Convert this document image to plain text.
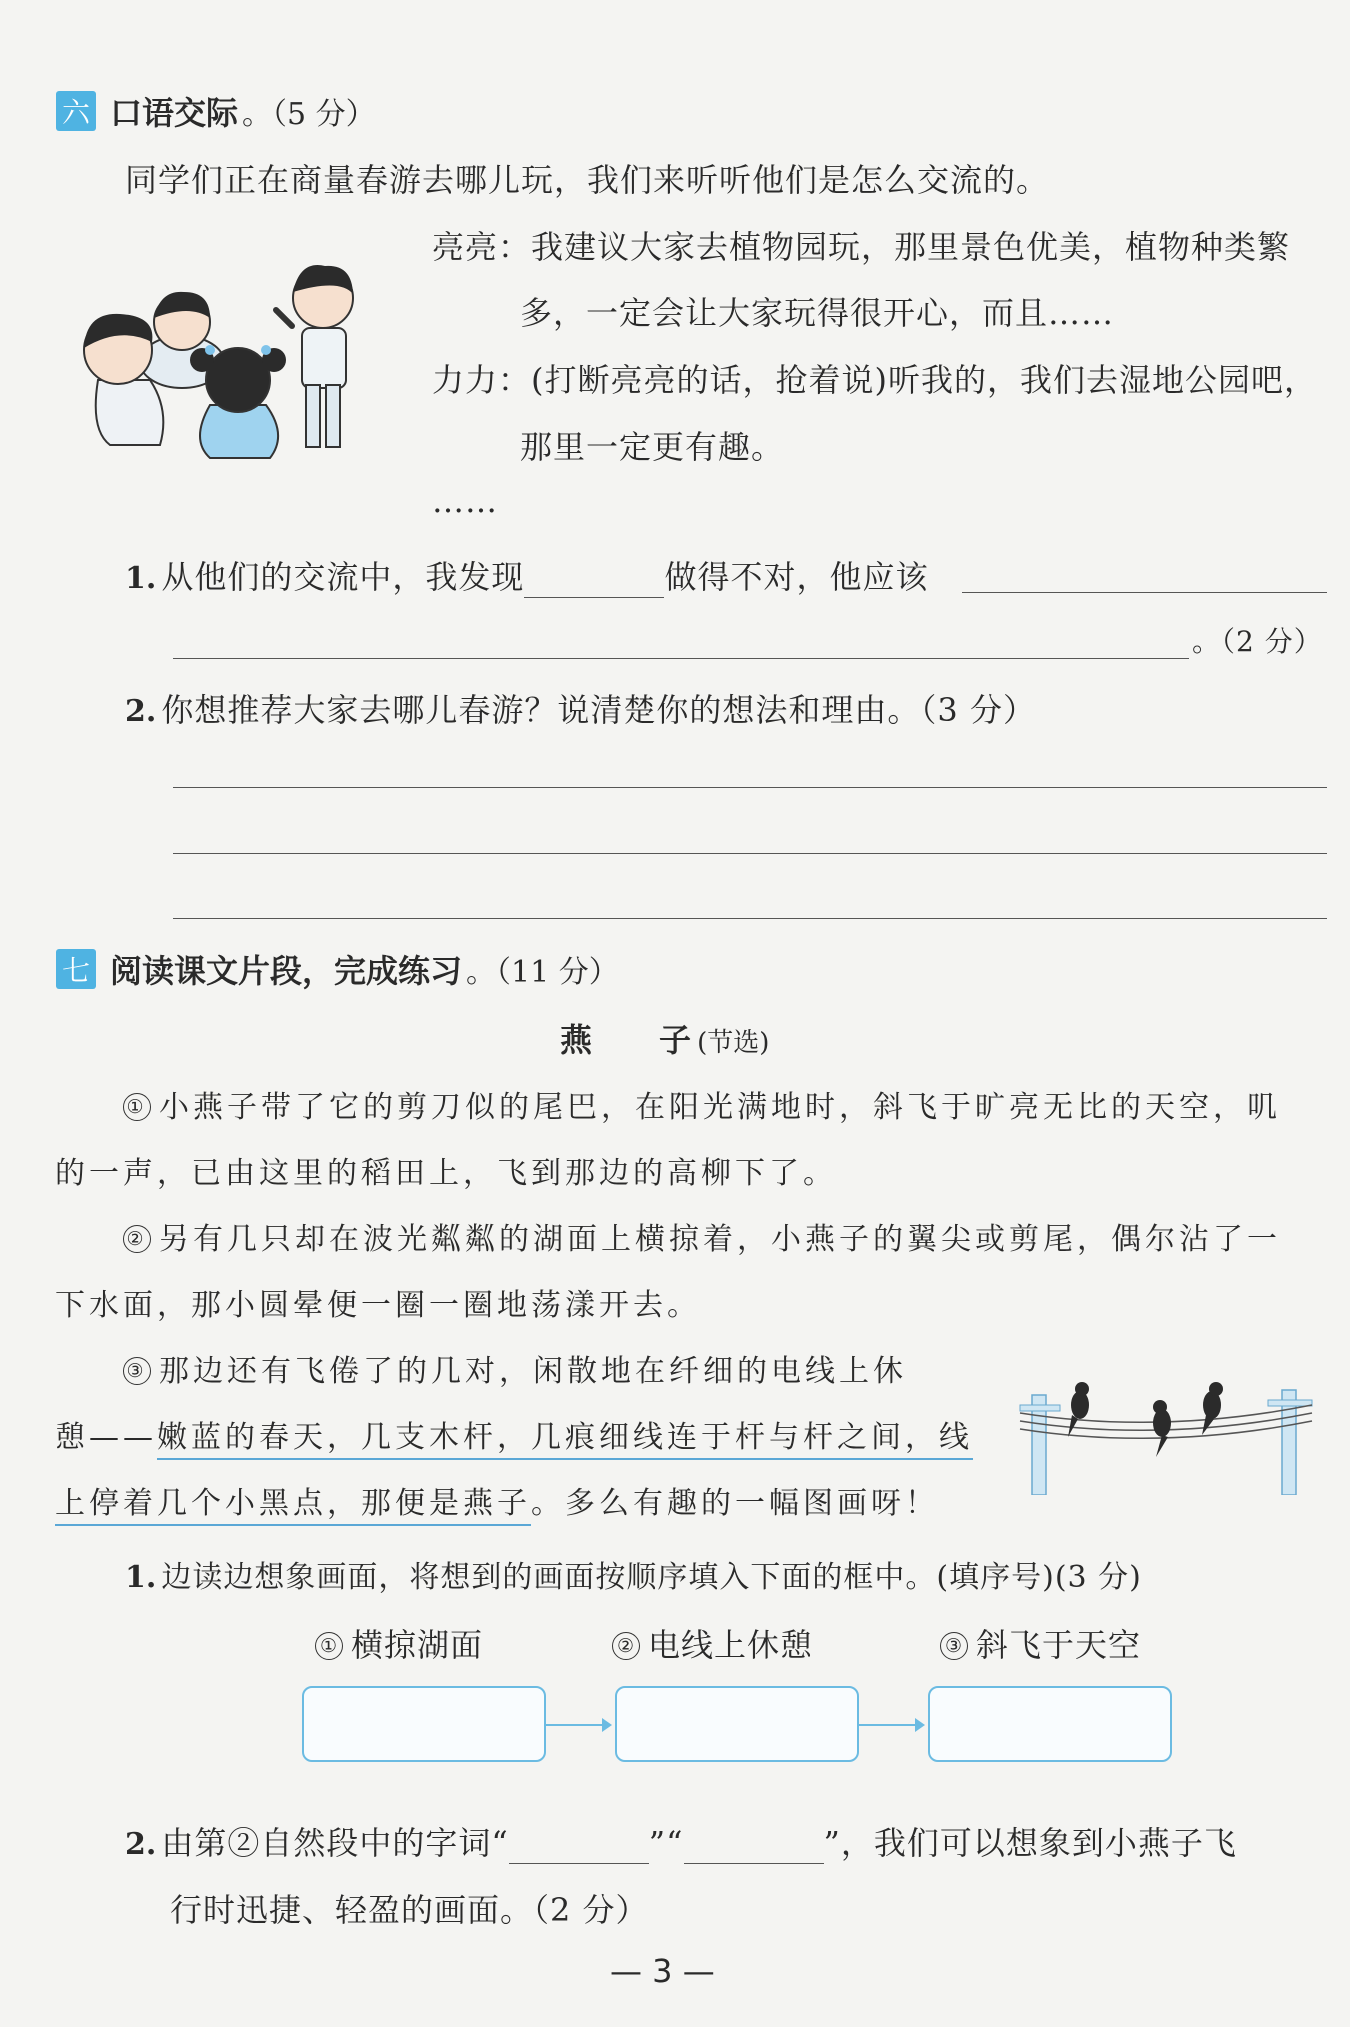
六 口语交际 。（5 分）
同学们正在商量春游去哪儿玩，我们来听听他们是怎么交流的。
亮亮：我建议大家去植物园玩，那里景色优美，植物种类繁
多，一定会让大家玩得很开心，而且……
力力：(打断亮亮的话，抢着说)听我的，我们去湿地公园吧，
那里一定更有趣。
……
1. 从他们的交流中，我发现	做得不对，他应该
。（2 分）
2. 你想推荐大家去哪儿春游？说清楚你的想法和理由。（3 分）
七 阅读课文片段，完成练习 。（11 分）
燕　　子 (节选)
① 小燕子带了它的剪刀似的尾巴，在阳光满地时，斜飞于旷亮无比的天空，叽
的一声，已由这里的稻田上，飞到那边的高柳下了。
② 另有几只却在波光粼粼的湖面上横掠着，小燕子的翼尖或剪尾，偶尔沾了一
下水面，那小圆晕便一圈一圈地荡漾开去。
③ 那边还有飞倦了的几对，闲散地在纤细的电线上休
憩——嫩蓝的春天，几支木杆，几痕细线连于杆与杆之间，线
上停着几个小黑点，那便是燕子。多么有趣的一幅图画呀！
1. 边读边想象画面，将想到的画面按顺序填入下面的框中。(填序号)(3 分)
① 横掠湖面	② 电线上休憩	③ 斜飞于天空
2. 由第②自然段中的字词“	”“	”，我们可以想象到小燕子飞
行时迅捷、轻盈的画面。（2 分）
— 3 —
